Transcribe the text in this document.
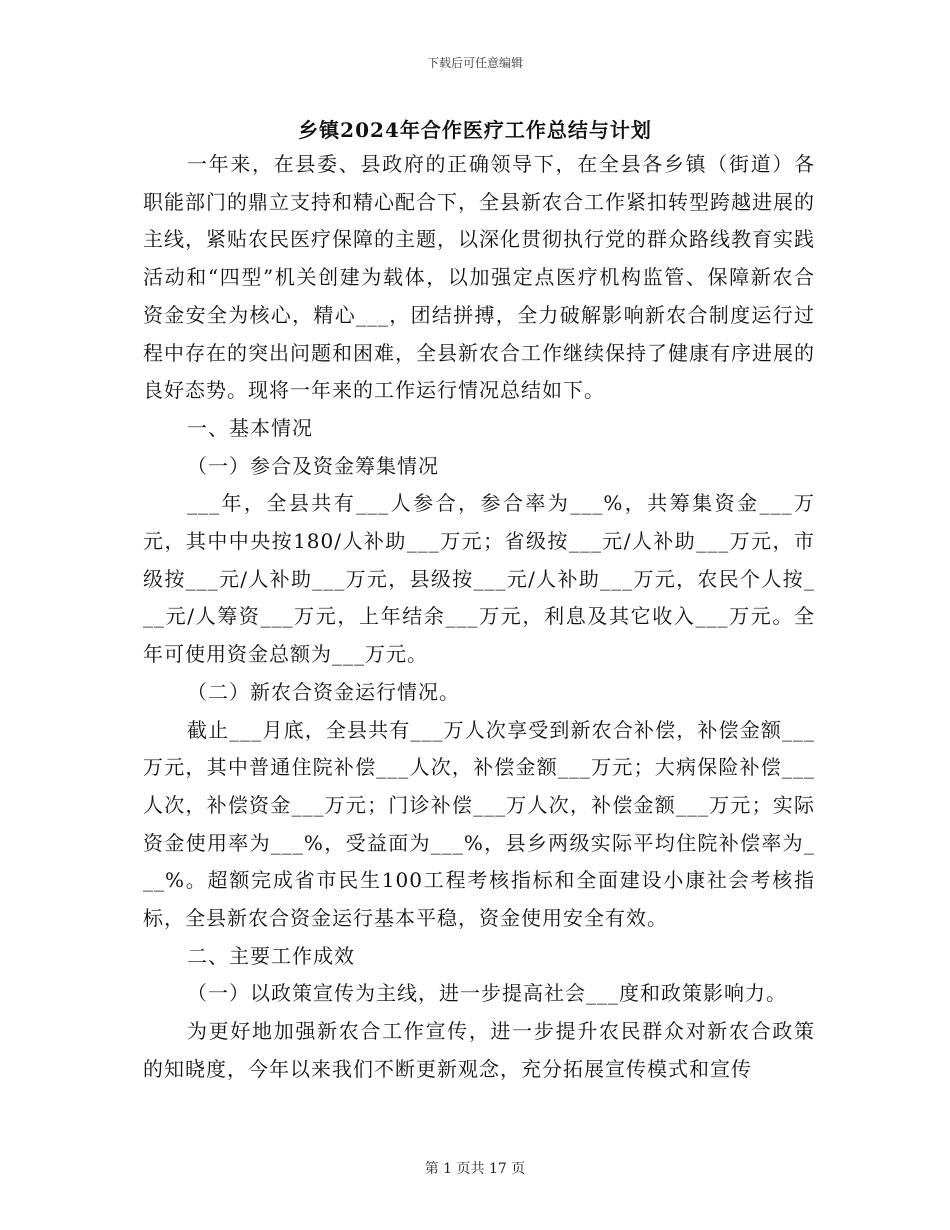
下载后可任意编辑
乡镇2024年合作医疗工作总结与计划

一年来，在县委、县政府的正确领导下，在全县各乡镇（街道）各职能部门的鼎立支持和精心配合下，全县新农合工作紧扣转型跨越进展的主线，紧贴农民医疗保障的主题，以深化贯彻执行党的群众路线教育实践活动和“四型”机关创建为载体，以加强定点医疗机构监管、保障新农合资金安全为核心，精心___，团结拼搏，全力破解影响新农合制度运行过程中存在的突出问题和困难，全县新农合工作继续保持了健康有序进展的良好态势。现将一年来的工作运行情况总结如下。

一、基本情况

（一）参合及资金筹集情况

___年，全县共有___人参合，参合率为___%，共筹集资金___万元，其中中央按180/人补助___万元；省级按___元/人补助___万元，市级按___元/人补助___万元，县级按___元/人补助___万元，农民个人按___元/人筹资___万元，上年结余___万元，利息及其它收入___万元。全年可使用资金总额为___万元。

（二）新农合资金运行情况。

截止___月底，全县共有___万人次享受到新农合补偿，补偿金额___万元，其中普通住院补偿___人次，补偿金额___万元；大病保险补偿___人次，补偿资金___万元；门诊补偿___万人次，补偿金额___万元；实际资金使用率为___%，受益面为___%，县乡两级实际平均住院补偿率为___%。超额完成省市民生100工程考核指标和全面建设小康社会考核指标，全县新农合资金运行基本平稳，资金使用安全有效。

二、主要工作成效

（一）以政策宣传为主线，进一步提高社会___度和政策影响力。

为更好地加强新农合工作宣传，进一步提升农民群众对新农合政策的知晓度，今年以来我们不断更新观念，充分拓展宣传模式和宣传

第 1 页共 17 页
